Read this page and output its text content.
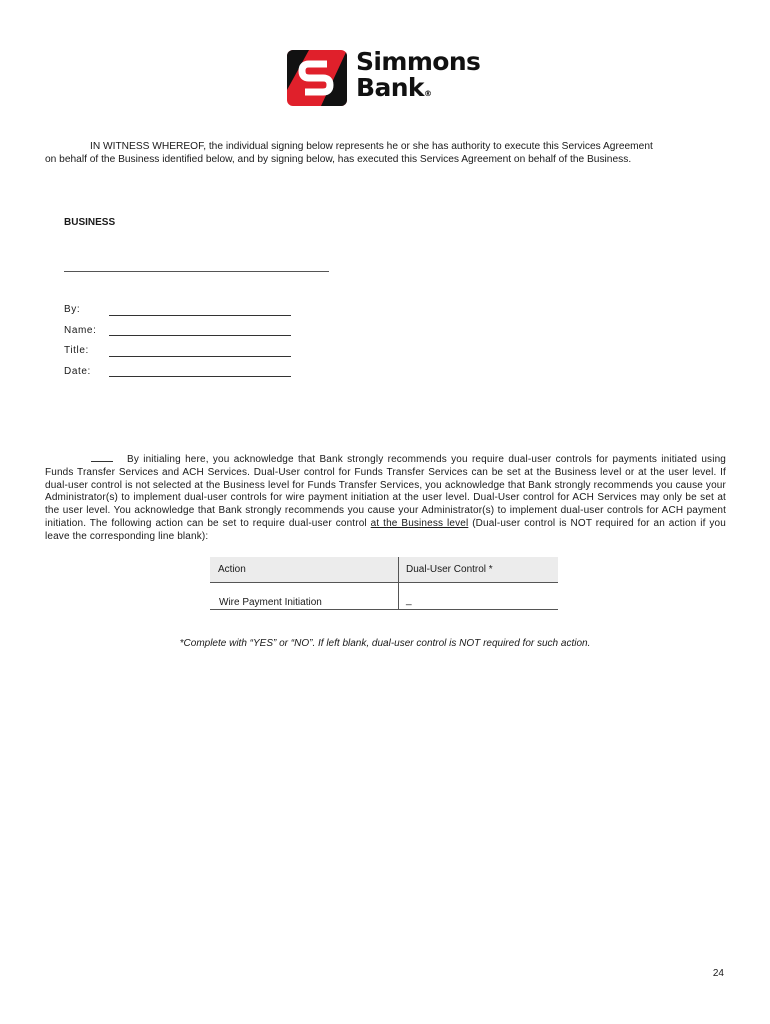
Simmons
Bank®

IN WITNESS WHEREOF, the individual signing below represents he or she has authority to execute this Services Agreement

on behalf of the Business identified below, and by signing below, has executed this Services Agreement on behalf of the Business.

BUSINESS
By:
Name:
Title:
Date:
By initialing here, you acknowledge that Bank strongly recommends you require dual-user controls for payments initiated using Funds Transfer Services and ACH Services. Dual-User control for Funds Transfer Services can be set at the Business level or at the user level. If dual-user control is not selected at the Business level for Funds Transfer Services, you acknowledge that Bank strongly recommends you cause your Administrator(s) to implement dual-user controls for wire payment initiation at the user level. Dual-User control for ACH Services may only be set at the user level. You acknowledge that Bank strongly recommends you cause your Administrator(s) to implement dual-user controls for ACH payment initiation. The following action can be set to require dual-user control at the Business level (Dual-user control is NOT required for an action if you leave the corresponding line blank):
Action	Dual-User Control *
Wire Payment Initiation	_
*Complete with “YES” or “NO”. If left blank, dual-user control is NOT required for such action.
24
